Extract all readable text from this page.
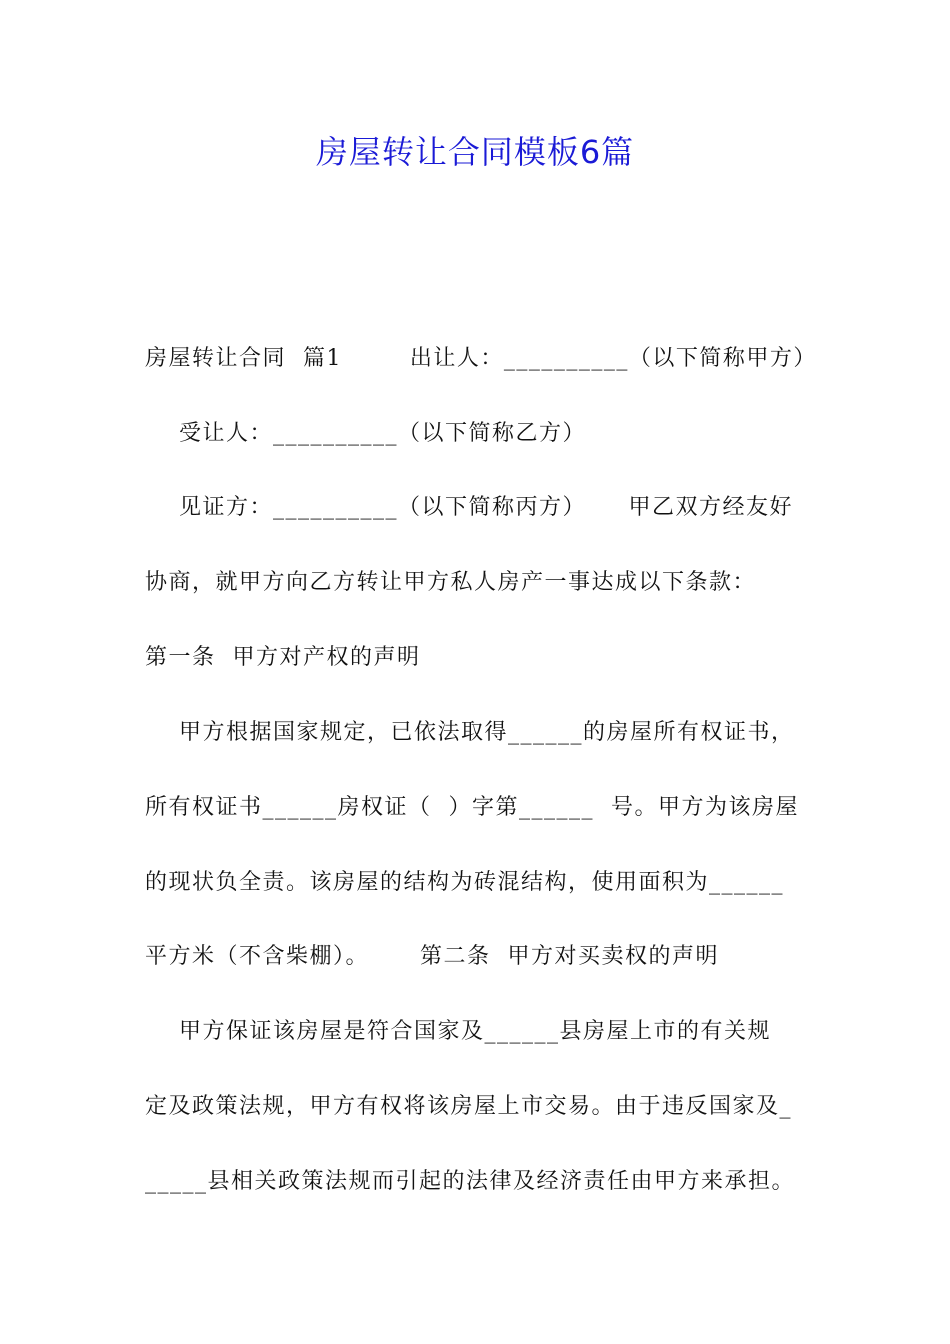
房屋转让合同模板6篇
房屋转让合同  篇1        出让人：__________（以下简称甲方）
受让人：__________（以下简称乙方）
见证方：__________（以下简称丙方）     甲乙双方经友好
协商，就甲方向乙方转让甲方私人房产一事达成以下条款：
第一条  甲方对产权的声明
甲方根据国家规定，已依法取得______的房屋所有权证书，
所有权证书______房权证（  ）字第______  号。甲方为该房屋
的现状负全责。该房屋的结构为砖混结构，使用面积为______
平方米（不含柴棚）。      第二条  甲方对买卖权的声明
甲方保证该房屋是符合国家及______县房屋上市的有关规
定及政策法规，甲方有权将该房屋上市交易。由于违反国家及_
_____县相关政策法规而引起的法律及经济责任由甲方来承担。
